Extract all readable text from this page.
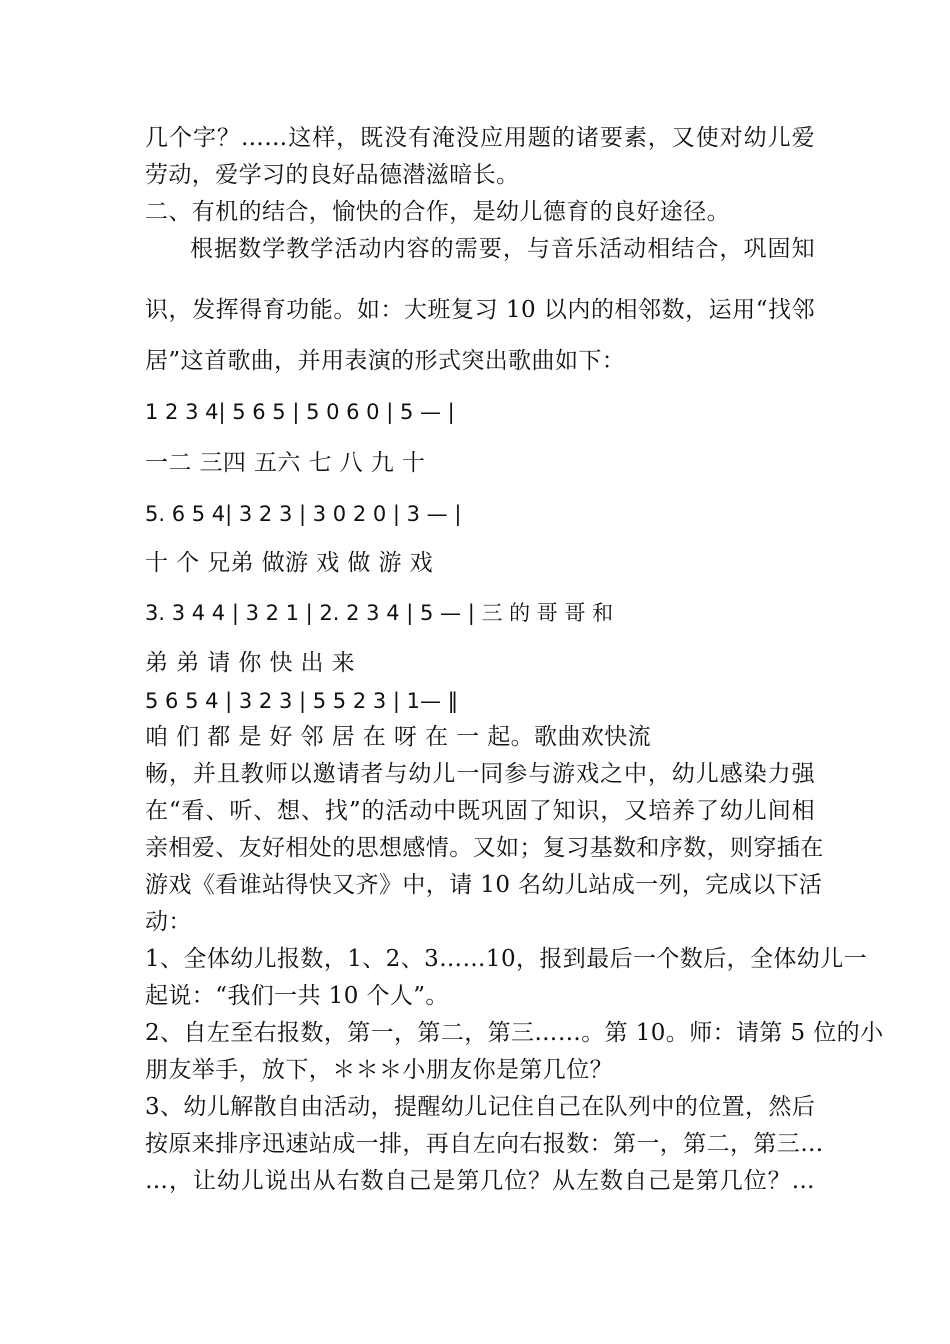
几个字？……这样，既没有淹没应用题的诸要素，又使对幼儿爱
劳动，爱学习的良好品德潜滋暗长。
二、有机的结合，愉快的合作，是幼儿德育的良好途径。
根据数学教学活动内容的需要，与音乐活动相结合，巩固知
识，发挥得育功能。如：大班复习 10 以内的相邻数，运用“找邻
居”这首歌曲，并用表演的形式突出歌曲如下：
1 2 3 4| 5 6 5 | 5 0 6 0 | 5 — |
一二 三四 五六 七 八 九 十
5. 6 5 4| 3 2 3 | 3 0 2 0 | 3 — |
十 个 兄弟 做游 戏 做 游 戏
3. 3 4 4 | 3 2 1 | 2. 2 3 4 | 5 — | 三 的 哥 哥 和
弟 弟 请 你 快 出 来
5 6 5 4 | 3 2 3 | 5 5 2 3 | 1— ‖
咱 们 都 是 好 邻 居 在 呀 在 一 起。歌曲欢快流
畅，并且教师以邀请者与幼儿一同参与游戏之中，幼儿感染力强
在“看、听、想、找”的活动中既巩固了知识，又培养了幼儿间相
亲相爱、友好相处的思想感情。又如；复习基数和序数，则穿插在
游戏《看谁站得快又齐》中，请 10 名幼儿站成一列，完成以下活
动：
1、全体幼儿报数，1、2、3……10，报到最后一个数后，全体幼儿一
起说：“我们一共 10 个人”。
2、自左至右报数，第一，第二，第三……。第 10。师：请第 5 位的小
朋友举手，放下，＊＊＊小朋友你是第几位？
3、幼儿解散自由活动，提醒幼儿记住自己在队列中的位置，然后
按原来排序迅速站成一排，再自左向右报数：第一，第二，第三…
…，让幼儿说出从右数自己是第几位？从左数自己是第几位？…
